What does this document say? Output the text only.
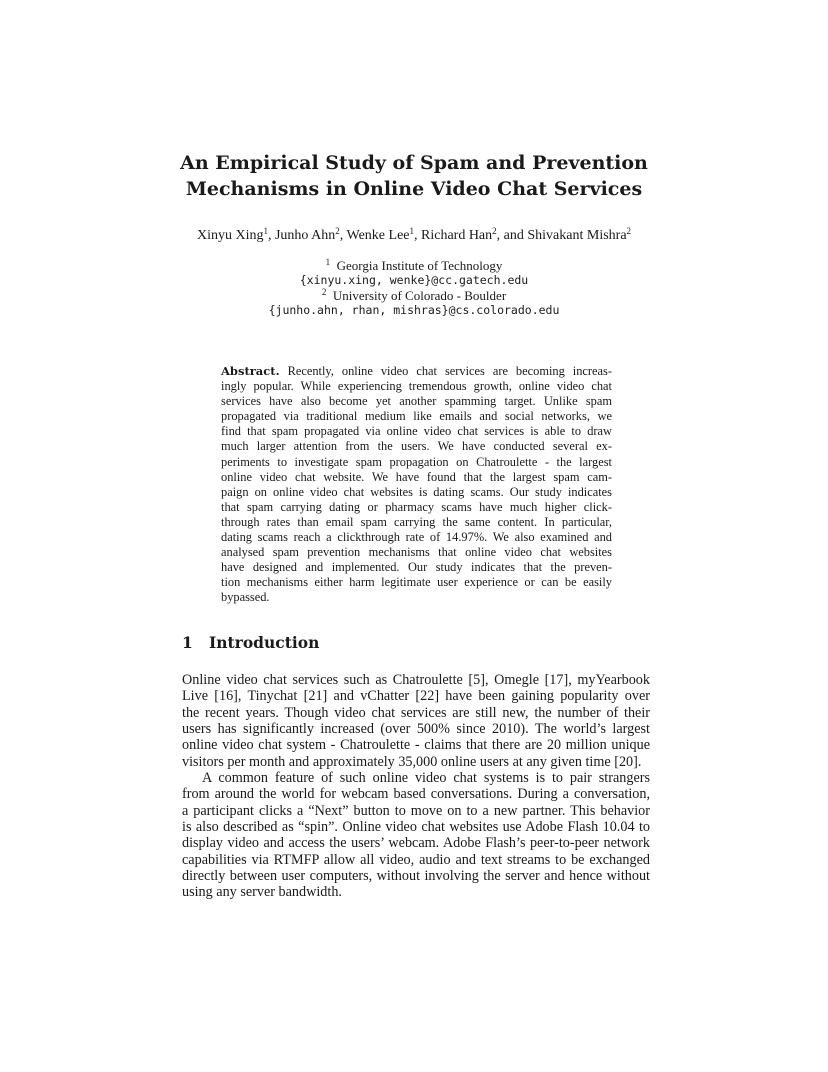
An Empirical Study of Spam and Prevention
Mechanisms in Online Video Chat Services
Xinyu Xing$^1$, Junho Ahn$^2$, Wenke Lee$^1$, Richard Han$^2$, and Shivakant Mishra$^2$
$^1$ Georgia Institute of Technology
{xinyu.xing, wenke}@cc.gatech.edu
$^2$ University of Colorado - Boulder
{junho.ahn, rhan, mishras}@cs.colorado.edu
Abstract. Recently, online video chat services are becoming increas-
ingly popular. While experiencing tremendous growth, online video chat
services have also become yet another spamming target. Unlike spam
propagated via traditional medium like emails and social networks, we
find that spam propagated via online video chat services is able to draw
much larger attention from the users. We have conducted several ex-
periments to investigate spam propagation on Chatroulette - the largest
online video chat website. We have found that the largest spam cam-
paign on online video chat websites is dating scams. Our study indicates
that spam carrying dating or pharmacy scams have much higher click-
through rates than email spam carrying the same content. In particular,
dating scams reach a clickthrough rate of 14.97%. We also examined and
analysed spam prevention mechanisms that online video chat websites
have designed and implemented. Our study indicates that the preven-
tion mechanisms either harm legitimate user experience or can be easily
bypassed.
1 Introduction
Online video chat services such as Chatroulette [5], Omegle [17], myYearbook
Live [16], Tinychat [21] and vChatter [22] have been gaining popularity over
the recent years. Though video chat services are still new, the number of their
users has significantly increased (over 500% since 2010). The world’s largest
online video chat system - Chatroulette - claims that there are 20 million unique
visitors per month and approximately 35,000 online users at any given time [20].
A common feature of such online video chat systems is to pair strangers
from around the world for webcam based conversations. During a conversation,
a participant clicks a “Next” button to move on to a new partner. This behavior
is also described as “spin”. Online video chat websites use Adobe Flash 10.04 to
display video and access the users’ webcam. Adobe Flash’s peer-to-peer network
capabilities via RTMFP allow all video, audio and text streams to be exchanged
directly between user computers, without involving the server and hence without
using any server bandwidth.
